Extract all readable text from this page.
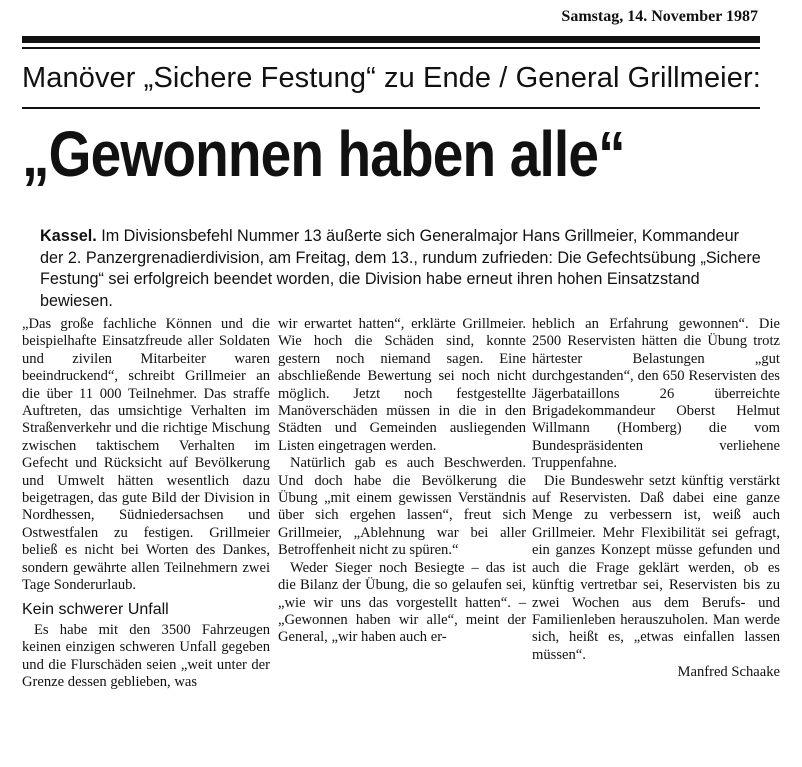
Samstag, 14. November 1987
Manöver „Sichere Festung“ zu Ende / General Grillmeier:
„Gewonnen haben alle“
Kassel. Im Divisionsbefehl Nummer 13 äußerte sich Generalmajor Hans Grillmeier, Kommandeur der 2. Panzergrenadierdivision, am Freitag, dem 13., rundum zufrieden: Die Gefechtsübung „Sichere Festung“ sei erfolgreich beendet worden, die Division habe erneut ihren hohen Einsatzstand bewiesen.

„Das große fachliche Können und die beispielhafte Einsatzfreude aller Soldaten und zivilen Mitarbeiter waren beeindruckend“, schreibt Grillmeier an die über 11 000 Teilnehmer. Das straffe Auftreten, das umsichtige Verhalten im Straßenverkehr und die richtige Mischung zwischen taktischem Verhalten im Gefecht und Rücksicht auf Bevölkerung und Umwelt hätten wesentlich dazu beigetragen, das gute Bild der Division in Nordhessen, Südniedersachsen und Ostwestfalen zu festigen. Grillmeier beließ es nicht bei Worten des Dankes, sondern gewährte allen Teilnehmern zwei Tage Sonderurlaub.

Kein schwerer Unfall

Es habe mit den 3500 Fahrzeugen keinen einzigen schweren Unfall gegeben und die Flurschäden seien „weit unter der Grenze dessen geblieben, was

wir erwartet hatten“, erklärte Grillmeier. Wie hoch die Schäden sind, konnte gestern noch niemand sagen. Eine abschließende Bewertung sei noch nicht möglich. Jetzt noch festgestellte Manöverschäden müssen in die in den Städten und Gemeinden ausliegenden Listen eingetragen werden.

Natürlich gab es auch Beschwerden. Und doch habe die Bevölkerung die Übung „mit einem gewissen Verständnis über sich ergehen lassen“, freut sich Grillmeier, „Ablehnung war bei aller Betroffenheit nicht zu spüren.“

Weder Sieger noch Besiegte – das ist die Bilanz der Übung, die so gelaufen sei, „wie wir uns das vorgestellt hatten“. – „Gewonnen haben wir alle“, meint der General, „wir haben auch er-

heblich an Erfahrung gewonnen“. Die 2500 Reservisten hätten die Übung trotz härtester Belastungen „gut durchgestanden“, den 650 Reservisten des Jägerbataillons 26 überreichte Brigadekommandeur Oberst Helmut Willmann (Homberg) die vom Bundespräsidenten verliehene Truppenfahne.

Die Bundeswehr setzt künftig verstärkt auf Reservisten. Daß dabei eine ganze Menge zu verbessern ist, weiß auch Grillmeier. Mehr Flexibilität sei gefragt, ein ganzes Konzept müsse gefunden und auch die Frage geklärt werden, ob es künftig vertretbar sei, Reservisten bis zu zwei Wochen aus dem Berufs- und Familienleben herauszuholen. Man werde sich, heißt es, „etwas einfallen lassen müssen“.

Manfred Schaake
